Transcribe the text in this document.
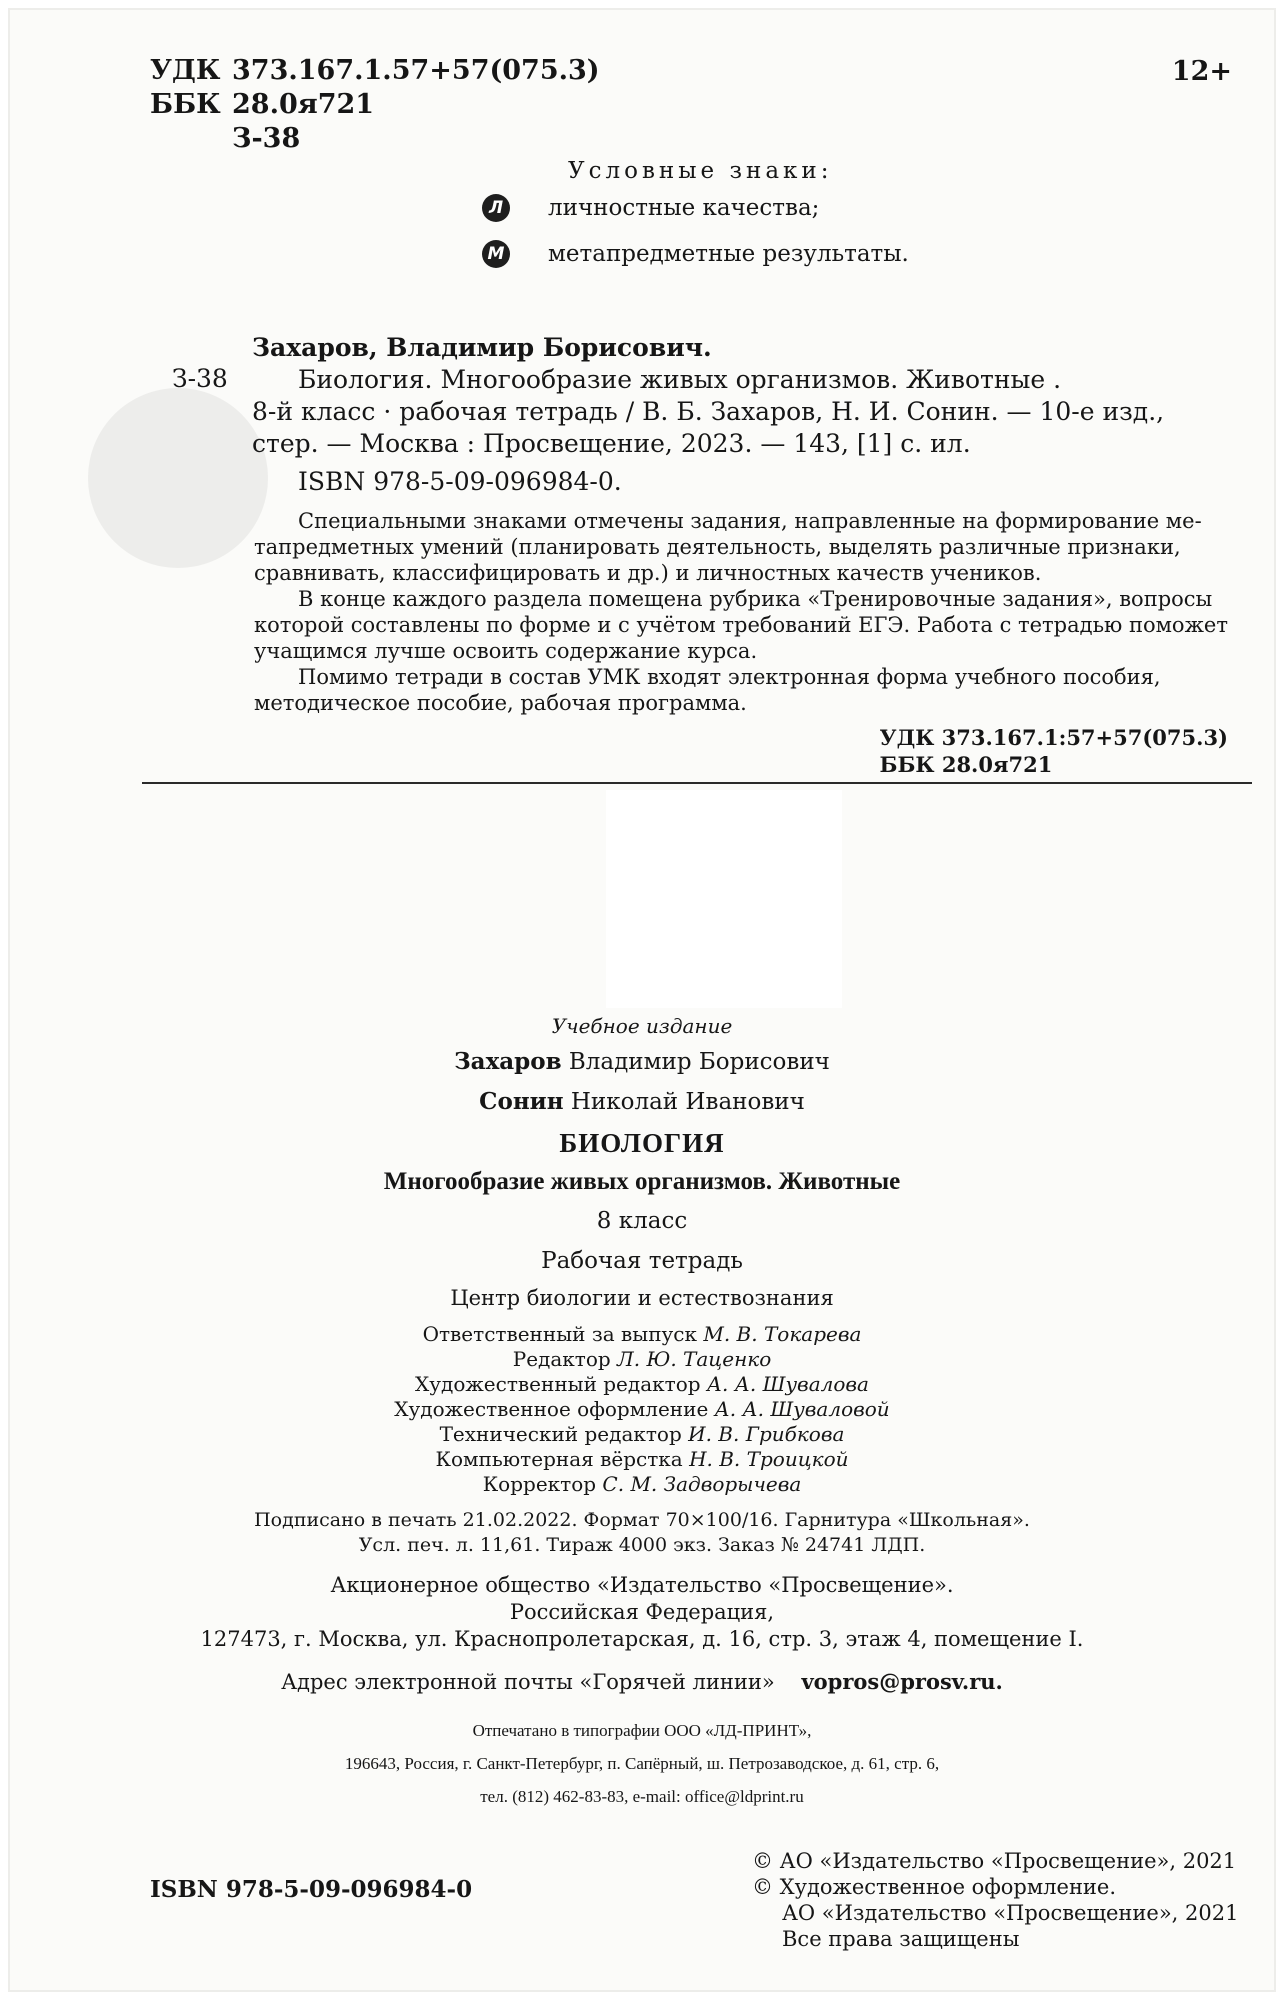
УДК 373.167.1.57+57(075.3)
ББК 28.0я721
З-38
12+
Условные знаки:
Л	личностные качества;
М метапредметные результаты.
Захаров, Владимир Борисович.
З-38	Биология. Многообразие живых организмов. Животные .
8-й класс · рабочая тетрадь / В. Б. Захаров, Н. И. Сонин. — 10-е изд.,
стер. — Москва : Просвещение, 2023. — 143, [1] с. ил.
ISBN 978-5-09-096984-0.
Специальными знаками отмечены задания, направленные на формирование ме-
тапредметных умений (планировать деятельность, выделять различные признаки,
сравнивать, классифицировать и др.) и личностных качеств учеников.
В конце каждого раздела помещена рубрика «Тренировочные задания», вопросы
которой составлены по форме и с учётом требований ЕГЭ. Работа с тетрадью поможет
учащимся лучше освоить содержание курса.
Помимо тетради в состав УМК входят электронная форма учебного пособия,
методическое пособие, рабочая программа.
УДК 373.167.1:57+57(075.3)
ББК 28.0я721
Учебное издание
Захаров Владимир Борисович
Сонин Николай Иванович
БИОЛОГИЯ
Многообразие живых организмов. Животные
8 класс
Рабочая тетрадь
Центр биологии и естествознания
Ответственный за выпуск М. В. Токарева
Редактор Л. Ю. Таценко
Художественный редактор А. А. Шувалова
Художественное оформление А. А. Шуваловой
Технический редактор И. В. Грибкова
Компьютерная вёрстка Н. В. Троицкой
Корректор С. М. Задворычева
Подписано в печать 21.02.2022. Формат 70×100/16. Гарнитура «Школьная».
Усл. печ. л. 11,61. Тираж 4000 экз. Заказ № 24741 ЛДП.
Акционерное общество «Издательство «Просвещение».
Российская Федерация,
127473, г. Москва, ул. Краснопролетарская, д. 16, стр. 3, этаж 4, помещение I.
Адрес электронной почты «Горячей линии» vopros@prosv.ru.
Отпечатано в типографии ООО «ЛД-ПРИНТ»,
196643, Россия, г. Санкт-Петербург, п. Сапёрный, ш. Петрозаводское, д. 61, стр. 6,
тел. (812) 462-83-83, e-mail: office@ldprint.ru
ISBN 978-5-09-096984-0
© АО «Издательство «Просвещение», 2021
© Художественное оформление.
АО «Издательство «Просвещение», 2021
Все права защищены
